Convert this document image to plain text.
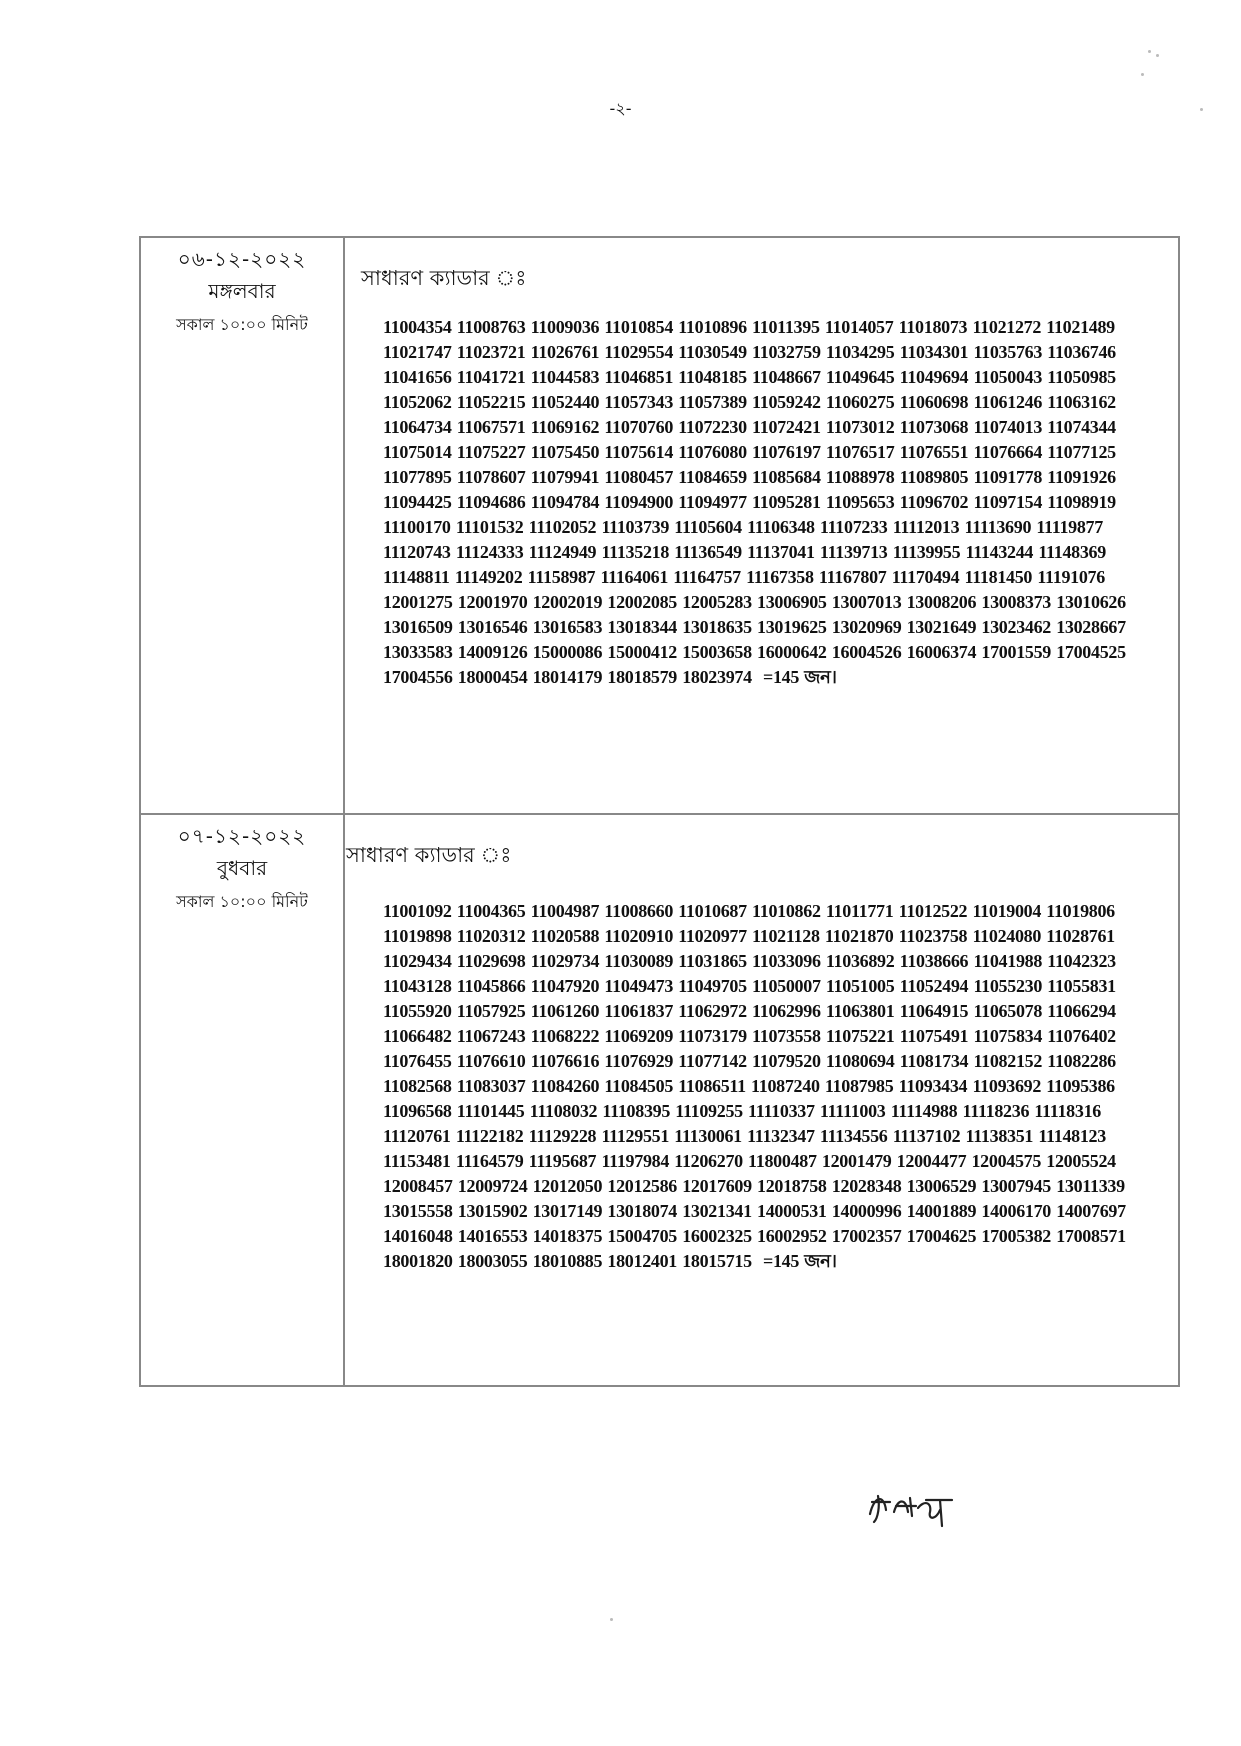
-২-
০৬-১২-২০২২
মঙ্গলবার
সকাল ১০:০০ মিনিট
সাধারণ ক্যাডার ঃ
11004354 11008763 11009036 11010854 11010896 11011395 11014057 11018073 11021272 11021489 11021747 11023721 11026761 11029554 11030549 11032759 11034295 11034301 11035763 11036746 11041656 11041721 11044583 11046851 11048185 11048667 11049645 11049694 11050043 11050985 11052062 11052215 11052440 11057343 11057389 11059242 11060275 11060698 11061246 11063162 11064734 11067571 11069162 11070760 11072230 11072421 11073012 11073068 11074013 11074344 11075014 11075227 11075450 11075614 11076080 11076197 11076517 11076551 11076664 11077125 11077895 11078607 11079941 11080457 11084659 11085684 11088978 11089805 11091778 11091926 11094425 11094686 11094784 11094900 11094977 11095281 11095653 11096702 11097154 11098919 11100170 11101532 11102052 11103739 11105604 11106348 11107233 11112013 11113690 11119877 11120743 11124333 11124949 11135218 11136549 11137041 11139713 11139955 11143244 11148369 11148811 11149202 11158987 11164061 11164757 11167358 11167807 11170494 11181450 11191076 12001275 12001970 12002019 12002085 12005283 13006905 13007013 13008206 13008373 13010626 13016509 13016546 13016583 13018344 13018635 13019625 13020969 13021649 13023462 13028667 13033583 14009126 15000086 15000412 15003658 16000642 16004526 16006374 17001559 17004525 17004556 18000454 18014179 18018579 18023974 =145 জন।
০৭-১২-২০২২
বুধবার
সকাল ১০:০০ মিনিট
সাধারণ ক্যাডার ঃ
11001092 11004365 11004987 11008660 11010687 11010862 11011771 11012522 11019004 11019806 11019898 11020312 11020588 11020910 11020977 11021128 11021870 11023758 11024080 11028761 11029434 11029698 11029734 11030089 11031865 11033096 11036892 11038666 11041988 11042323 11043128 11045866 11047920 11049473 11049705 11050007 11051005 11052494 11055230 11055831 11055920 11057925 11061260 11061837 11062972 11062996 11063801 11064915 11065078 11066294 11066482 11067243 11068222 11069209 11073179 11073558 11075221 11075491 11075834 11076402 11076455 11076610 11076616 11076929 11077142 11079520 11080694 11081734 11082152 11082286 11082568 11083037 11084260 11084505 11086511 11087240 11087985 11093434 11093692 11095386 11096568 11101445 11108032 11108395 11109255 11110337 11111003 11114988 11118236 11118316 11120761 11122182 11129228 11129551 11130061 11132347 11134556 11137102 11138351 11148123 11153481 11164579 11195687 11197984 11206270 11800487 12001479 12004477 12004575 12005524 12008457 12009724 12012050 12012586 12017609 12018758 12028348 13006529 13007945 13011339 13015558 13015902 13017149 13018074 13021341 14000531 14000996 14001889 14006170 14007697 14016048 14016553 14018375 15004705 16002325 16002952 17002357 17004625 17005382 17008571 18001820 18003055 18010885 18012401 18015715 =145 জন।
